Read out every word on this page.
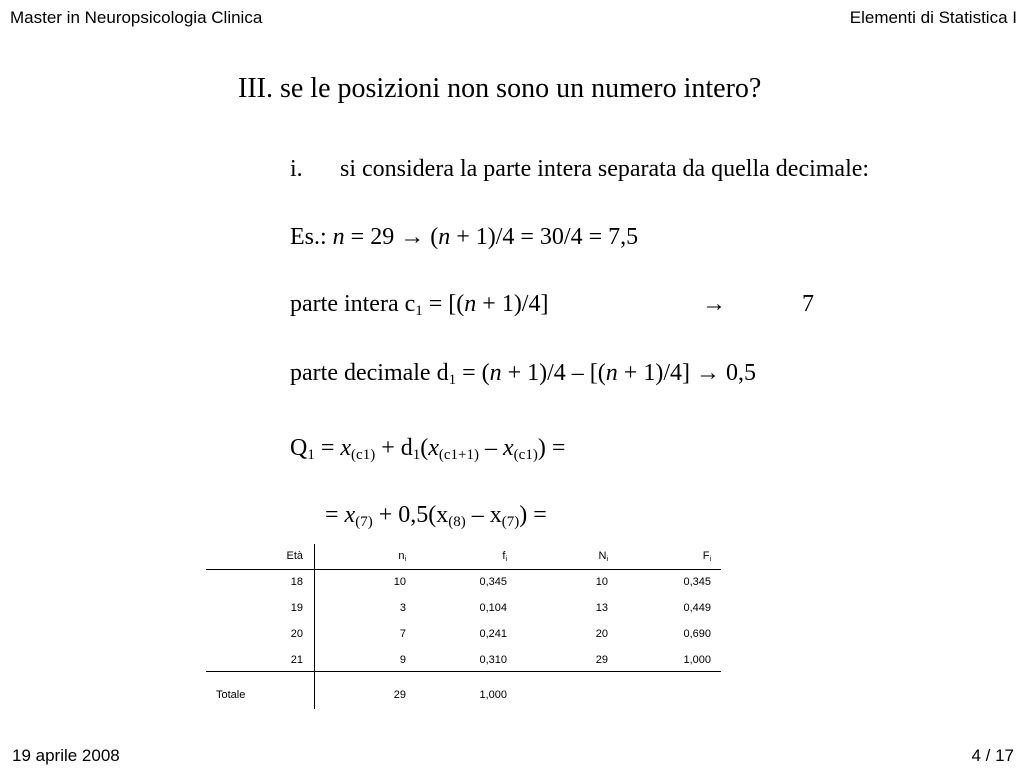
Master in Neuropsicologia Clinica	Elementi di Statistica I
III. se le posizioni non sono un numero intero?
i. si considera la parte intera separata da quella decimale:
Es.: n = 29 → (n + 1)/4 = 30/4 = 7,5
parte intera $c_1 = [(n + 1)/4]$	→	7
parte decimale $d_1 = (n + 1)/4 - [(n + 1)/4] \to 0,5$
$Q_1 = x_{(c1)} + d_1(x_{(c1+1)} - x_{(c1)})$ =
= $x_{(7)} + 0,5(x_{(8)} - x_{(7)})$ =
Età	$n_i$	$f_i$	$N_i$	$F_i$
18	10	0,345	10	0,345
19	3	0,104	13	0,449
20	7	0,241	20	0,690
21	9	0,310	29	1,000
Totale	29	1,000
19 aprile 2008	4 / 17
